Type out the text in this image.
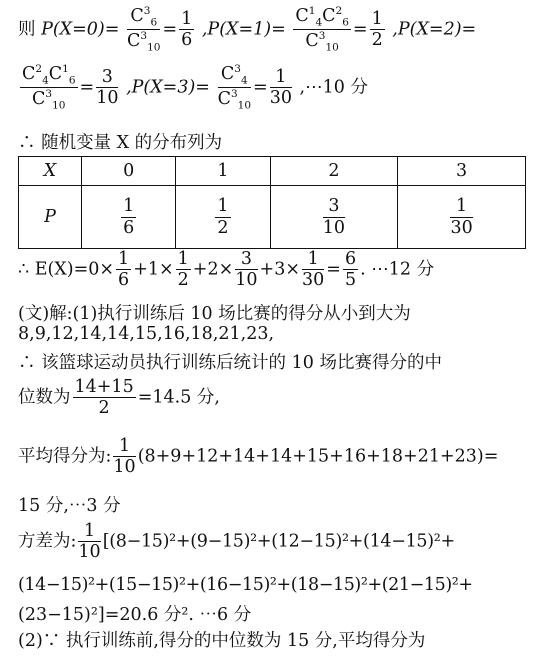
则 $P(X=0)= \frac{C^3_6}{C^3_{10}} = \frac{1}{6} ,P(X=1)= \frac{C^1_4C^2_6}{C^3_{10}} = \frac{1}{2} ,P(X=2)=$
$\frac{C^2_4C^1_6}{C^3_{10}} = \frac{3}{10} ,P(X=3)= \frac{C^3_4}{C^3_{10}} = \frac{1}{30}$ ,⋯10 分
∴ 随机变量 X 的分布列为
X	0	1	2	3
P	$\frac{1}{6}$	$\frac{1}{2}$	$\frac{3}{10}$	$\frac{1}{30}$
∴ $E(X)=0\times \frac{1}{6} +1\times \frac{1}{2} +2\times \frac{3}{10} +3\times \frac{1}{30} = \frac{6}{5}$ . ⋯12 分
(文)解:(1)执行训练后 10 场比赛的得分从小到大为
8,9,12,14,14,15,16,18,21,23,
∴ 该篮球运动员执行训练后统计的 10 场比赛得分的中
位数为 $\frac{14+15}{2} =14.5$ 分,
平均得分为: $\frac{1}{10} (8+9+12+14+14+15+16+18+21+23)=$
15 分,⋯3 分
方差为: $\frac{1}{10} [(8-15)^2+(9-15)^2+(12-15)^2+(14-15)^2+$
(14−15)²+(15−15)²+(16−15)²+(18−15)²+(21−15)²+
(23−15)²]=20.6 分². ⋯6 分
(2)∵ 执行训练前,得分的中位数为 15 分,平均得分为
